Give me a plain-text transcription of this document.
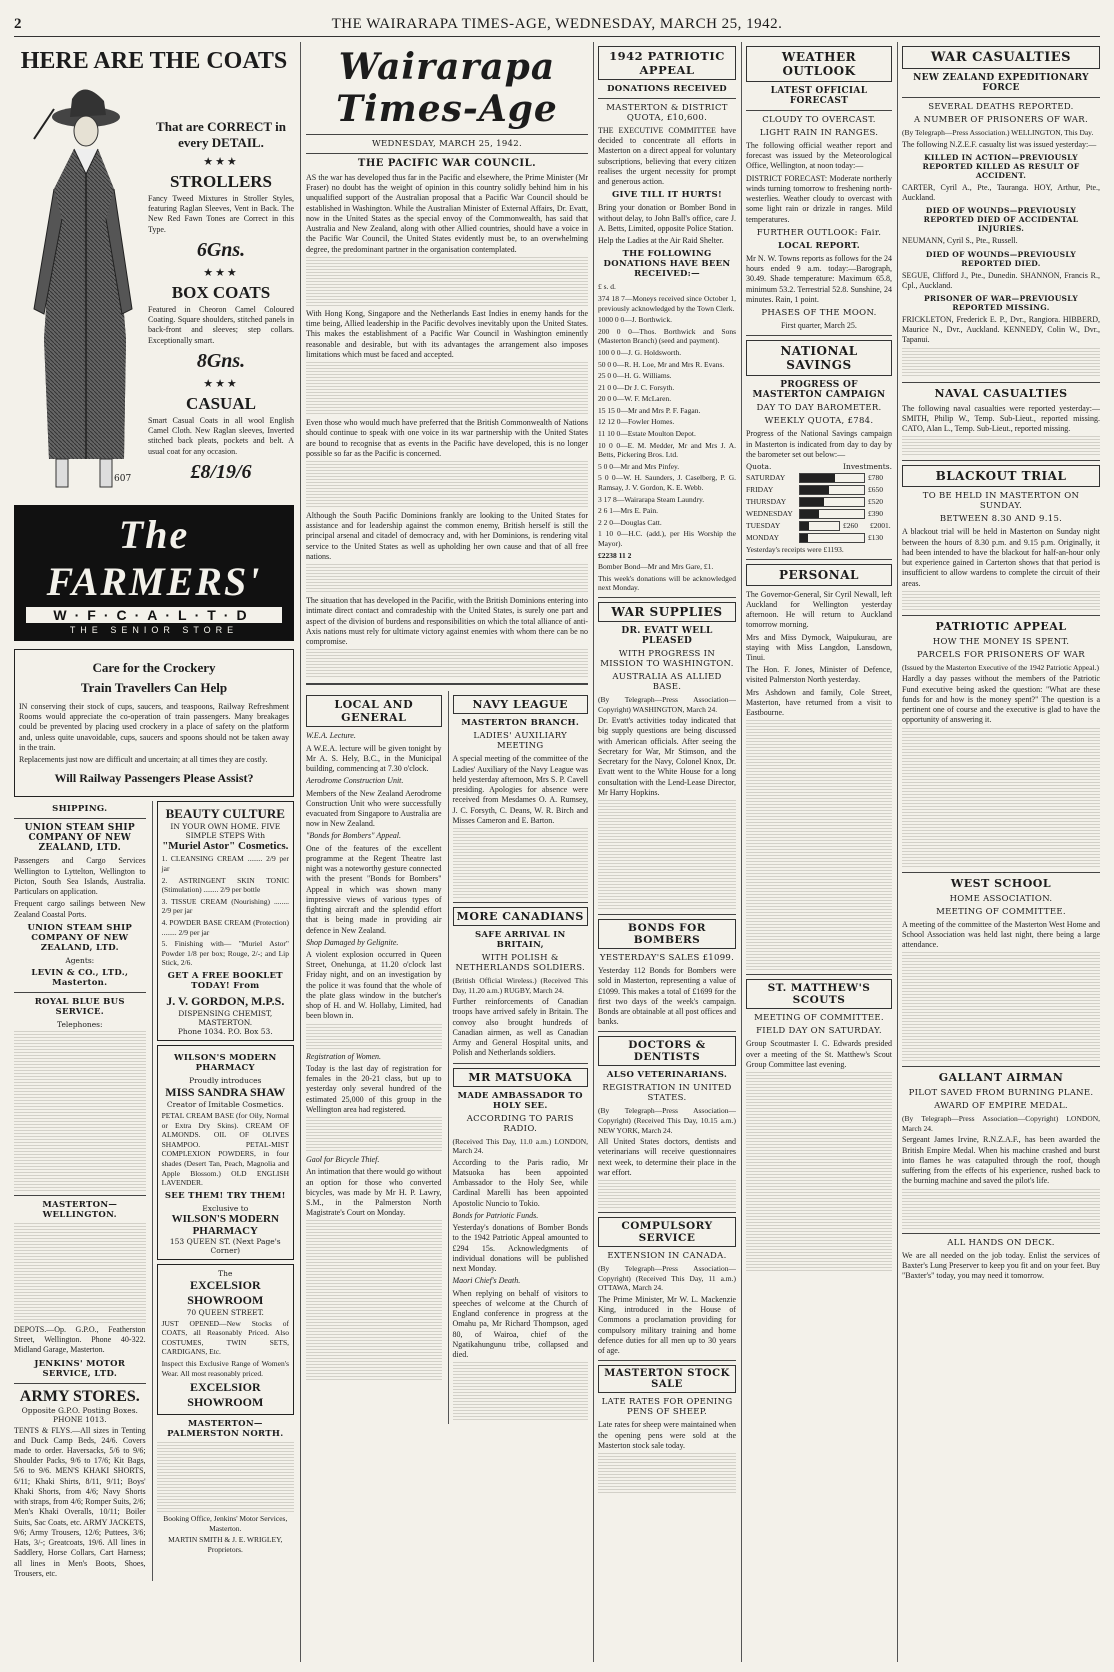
2	THE WAIRARAPA TIMES-AGE, WEDNESDAY, MARCH 25, 1942.
HERE ARE THE COATS
607
That are CORRECT in every DETAIL.
★★★
STROLLERS
Fancy Tweed Mixtures in Stroller Styles, featuring Raglan Sleeves, Vent in Back. The New Red Fawn Tones are Correct in this Type.
6Gns.
★★★
BOX COATS
Featured in Cheoron Camel Coloured Coating. Square shoulders, stitched panels in back-front and sleeves; step collars. Exceptionally smart.
8Gns.
★★★
CASUAL
Smart Casual Coats in all wool English Camel Cloth. New Raglan sleeves, Inverted stitched back pleats, pockets and belt. A usual coat for any occasion.
£8/19/6
The FARMERS'
W·F·C·A·L·T·D
THE SENIOR STORE
Care for the Crockery
Train Travellers Can Help
IN conserving their stock of cups, saucers, and teaspoons, Railway Refreshment Rooms would appreciate the co-operation of train passengers. Many breakages could be prevented by placing used crockery in a place of safety on the platform and, unless quite unavoidable, cups, saucers and spoons should not be taken away in the train.
Replacements just now are difficult and uncertain; at all times they are costly.
Will Railway Passengers Please Assist?
SHIPPING.
UNION STEAM SHIP COMPANY OF NEW ZEALAND, LTD.
Passengers and Cargo Services Wellington to Lyttelton, Wellington to Picton, South Sea Islands, Australia. Particulars on application.
Frequent cargo sailings between New Zealand Coastal Ports.
UNION STEAM SHIP COMPANY OF NEW ZEALAND, LTD.
Agents:
LEVIN & CO., LTD., Masterton.
ROYAL BLUE BUS SERVICE.
Telephones:
MASTERTON—WELLINGTON.
DEPOTS.—Op. G.P.O., Featherston Street, Wellington. Phone 40-322. Midland Garage, Masterton.
JENKINS' MOTOR SERVICE, LTD.
ARMY STORES.
Opposite G.P.O. Posting Boxes. PHONE 1013.
TENTS & FLYS.—All sizes in Tenting and Duck Camp Beds, 24/6. Covers made to order. Haversacks, 5/6 to 9/6; Shoulder Packs, 9/6 to 17/6; Kit Bags, 5/6 to 9/6. MEN'S KHAKI SHORTS, 6/11; Khaki Shirts, 8/11, 9/11; Boys' Khaki Shorts, from 4/6; Navy Shorts with straps, from 4/6; Romper Suits, 2/6; Men's Khaki Overalls, 10/11; Boiler Suits, Sac Coats, etc. ARMY JACKETS, 9/6; Army Trousers, 12/6; Puttees, 3/6; Hats, 3/-; Greatcoats, 19/6. All lines in Saddlery, Horse Collars, Cart Harness; all lines in Men's Boots, Shoes, Trousers, etc.
BEAUTY CULTURE
IN YOUR OWN HOME. FIVE SIMPLE STEPS With
"Muriel Astor" Cosmetics.
1. CLEANSING CREAM ........ 2/9 per jar
2. ASTRINGENT SKIN TONIC (Stimulation) ........ 2/9 per bottle
3. TISSUE CREAM (Nourishing) ........ 2/9 per jar
4. POWDER BASE CREAM (Protection) ........ 2/9 per jar
5. Finishing with— "Muriel Astor" Powder 1/8 per box; Rouge, 2/-; and Lip Stick, 2/6.
GET A FREE BOOKLET TODAY! From
J. V. GORDON, M.P.S.
DISPENSING CHEMIST, MASTERTON.
Phone 1034. P.O. Box 53.
WILSON'S MODERN PHARMACY
Proudly introduces
MISS SANDRA SHAW
Creator of Imitable Cosmetics.
PETAL CREAM BASE (for Oily, Normal or Extra Dry Skins). CREAM OF ALMONDS. OIL OF OLIVES SHAMPOO. PETAL-MIST COMPLEXION POWDERS, in four shades (Desert Tan, Peach, Magnolia and Apple Blossom.) OLD ENGLISH LAVENDER.
SEE THEM! TRY THEM!
Exclusive to
WILSON'S MODERN PHARMACY
153 QUEEN ST. (Next Page's Corner)
The
EXCELSIOR SHOWROOM
70 QUEEN STREET.
JUST OPENED—New Stocks of COATS, all Reasonably Priced. Also COSTUMES, TWIN SETS, CARDIGANS, Etc.
Inspect this Exclusive Range of Women's Wear. All most reasonably priced.
EXCELSIOR SHOWROOM
MASTERTON—PALMERSTON NORTH.
Booking Office, Jenkins' Motor Services, Masterton.
MARTIN SMITH & J. E. WRIGLEY, Proprietors.
Wairarapa Times-Age
WEDNESDAY, MARCH 25, 1942.
THE PACIFIC WAR COUNCIL.
AS the war has developed thus far in the Pacific and elsewhere, the Prime Minister (Mr Fraser) no doubt has the weight of opinion in this country solidly behind him in his unqualified support of the Australian proposal that a Pacific War Council should be established in Washington. While the Australian Minister of External Affairs, Dr. Evatt, now in the United States as the special envoy of the Commonwealth, has said that Australia and New Zealand, along with other Allied countries, should have a voice in the Pacific War Council, the United States evidently must be, to an overwhelming degree, the predominant partner in the organisation contemplated.
With Hong Kong, Singapore and the Netherlands East Indies in enemy hands for the time being, Allied leadership in the Pacific devolves inevitably upon the United States. This makes the establishment of a Pacific War Council in Washington eminently reasonable and desirable, but with its advantages the arrangement also imposes limitations which must be faced and accepted.
Even those who would much have preferred that the British Commonwealth of Nations should continue to speak with one voice in its war partnership with the United States are bound to recognise that as events in the Pacific have developed, this is no longer possible so far as the Pacific is concerned.
Although the South Pacific Dominions frankly are looking to the United States for assistance and for leadership against the common enemy, British herself is still the principal arsenal and citadel of democracy and, with her Dominions, is rendering vital service to the United States as well as upholding her own cause and that of all free nations.
The situation that has developed in the Pacific, with the British Dominions entering into intimate direct contact and comradeship with the United States, is surely one part and aspect of the division of burdens and responsibilities on which the total alliance of anti-Axis nations must rely for ultimate victory against enemies with whom there can be no compromise.
LOCAL AND GENERAL
W.E.A. Lecture.
A W.E.A. lecture will be given tonight by Mr A. S. Hely, B.C., in the Municipal building, commencing at 7.30 o'clock.
Aerodrome Construction Unit.
Members of the New Zealand Aerodrome Construction Unit who were successfully evacuated from Singapore to Australia are now in New Zealand.
"Bonds for Bombers" Appeal.
One of the features of the excellent programme at the Regent Theatre last night was a noteworthy gesture connected with the present "Bonds for Bombers" Appeal in which was shown many impressive views of various types of fighting aircraft and the splendid effort that is being made in providing air defence in New Zealand.
Shop Damaged by Gelignite.
A violent explosion occurred in Queen Street, Onehunga, at 11.20 o'clock last Friday night, and on an investigation by the police it was found that the whole of the plate glass window in the butcher's shop of H. and W. Hollaby, Limited, had been blown in.
Registration of Women.
Today is the last day of registration for females in the 20-21 class, but up to yesterday only several hundred of the estimated 25,000 of this group in the Wellington area had registered.
Gaol for Bicycle Thief.
An intimation that there would go without an option for those who converted bicycles, was made by Mr H. P. Lawry, S.M., in the Palmerston North Magistrate's Court on Monday.
NAVY LEAGUE
MASTERTON BRANCH.
LADIES' AUXILIARY MEETING
A special meeting of the committee of the Ladies' Auxiliary of the Navy League was held yesterday afternoon, Mrs S. P. Cavell presiding. Apologies for absence were received from Mesdames O. A. Rumsey, J. C. Forsyth, C. Deans, W. R. Birch and Misses Cameron and E. Barton.
MORE CANADIANS
SAFE ARRIVAL IN BRITAIN,
WITH POLISH & NETHERLANDS SOLDIERS.
(British Official Wireless.) (Received This Day, 11.20 a.m.) RUGBY, March 24.
Further reinforcements of Canadian troops have arrived safely in Britain. The convoy also brought hundreds of Canadian airmen, as well as Canadian Army and General Hospital units, and Polish and Netherlands soldiers.
MR MATSUOKA
MADE AMBASSADOR TO HOLY SEE.
ACCORDING TO PARIS RADIO.
(Received This Day, 11.0 a.m.) LONDON, March 24.
According to the Paris radio, Mr Matsuoka has been appointed Ambassador to the Holy See, while Cardinal Marelli has been appointed Apostolic Nuncio to Tokio.
Bonds for Patriotic Funds.
Yesterday's donations of Bomber Bonds to the 1942 Patriotic Appeal amounted to £294 15s. Acknowledgments of individual donations will be published next Monday.
Maori Chief's Death.
When replying on behalf of visitors to speeches of welcome at the Church of England conference in progress at the Omahu pa, Mr Richard Thompson, aged 80, of Wairoa, chief of the Ngatikahungunu tribe, collapsed and died.
1942 PATRIOTIC APPEAL
DONATIONS RECEIVED
MASTERTON & DISTRICT QUOTA, £10,600.
THE EXECUTIVE COMMITTEE have decided to concentrate all efforts in Masterton on a direct appeal for voluntary subscriptions, believing that every citizen realises the urgent necessity for prompt and generous action.
GIVE TILL IT HURTS!
Bring your donation or Bomber Bond in without delay, to John Ball's office, care J. A. Betts, Limited, opposite Police Station.
Help the Ladies at the Air Raid Shelter.
THE FOLLOWING DONATIONS HAVE BEEN RECEIVED:—
£ s. d.
374 18 7—Moneys received since October 1, previously acknowledged by the Town Clerk.
1000 0 0—J. Borthwick.
200 0 0—Thos. Borthwick and Sons (Masterton Branch) (seed and payment).
100 0 0—J. G. Holdsworth.
50 0 0—R. H. Loe, Mr and Mrs R. Evans.
25 0 0—H. G. Williams.
21 0 0—Dr J. C. Forsyth.
20 0 0—W. F. McLaren.
15 15 0—Mr and Mrs P. F. Fagan.
12 12 0—Fowler Homes.
11 10 0—Estate Moulton Depot.
10 0 0—E. M. Medder, Mr and Mrs J. A. Betts, Pickering Bros. Ltd.
5 0 0—Mr and Mrs Pinfey.
5 0 0—W. H. Saunders, J. Caselberg, P. G. Ramsay, J. V. Gordon, K. E. Webb.
3 17 8—Wairarapa Steam Laundry.
2 6 1—Mrs E. Pain.
2 2 0—Douglas Catt.
1 10 0—H.C. (add.), per His Worship the Mayor).
£2238 11 2
Bomber Bond—Mr and Mrs Gare, £1.
This week's donations will be acknowledged next Monday.
WAR SUPPLIES
DR. EVATT WELL PLEASED
WITH PROGRESS IN MISSION TO WASHINGTON.
AUSTRALIA AS ALLIED BASE.
(By Telegraph—Press Association—Copyright) WASHINGTON, March 24.
Dr. Evatt's activities today indicated that big supply questions are being discussed with American officials. After seeing the Secretary for War, Mr Stimson, and the Secretary for the Navy, Colonel Knox, Dr. Evatt went to the White House for a long consultation with the Lend-Lease Director, Mr Harry Hopkins.
BONDS FOR BOMBERS
YESTERDAY'S SALES £1099.
Yesterday 112 Bonds for Bombers were sold in Masterton, representing a value of £1099. This makes a total of £1699 for the first two days of the week's campaign. Bonds are obtainable at all post offices and banks.
DOCTORS & DENTISTS
ALSO VETERINARIANS.
REGISTRATION IN UNITED STATES.
(By Telegraph—Press Association—Copyright) (Received This Day, 10.15 a.m.) NEW YORK, March 24.
All United States doctors, dentists and veterinarians will receive questionnaires next week, to determine their place in the war effort.
COMPULSORY SERVICE
EXTENSION IN CANADA.
(By Telegraph—Press Association—Copyright) (Received This Day, 11 a.m.) OTTAWA, March 24.
The Prime Minister, Mr W. L. Mackenzie King, introduced in the House of Commons a proclamation providing for compulsory military training and home defence duties for all men up to 30 years of age.
MASTERTON STOCK SALE
LATE RATES FOR OPENING PENS OF SHEEP.
Late rates for sheep were maintained when the opening pens were sold at the Masterton stock sale today.
WEATHER OUTLOOK
LATEST OFFICIAL FORECAST
CLOUDY TO OVERCAST.
LIGHT RAIN IN RANGES.
The following official weather report and forecast was issued by the Meteorological Office, Wellington, at noon today:—
DISTRICT FORECAST: Moderate northerly winds turning tomorrow to freshening north-westerlies. Weather cloudy to overcast with some light rain or drizzle in ranges. Mild temperatures.
FURTHER OUTLOOK: Fair.
LOCAL REPORT.
Mr N. W. Towns reports as follows for the 24 hours ended 9 a.m. today:—Barograph, 30.49. Shade temperature: Maximum 65.8, minimum 53.2. Terrestrial 52.8. Sunshine, 24 minutes. Rain, 1 point.
PHASES OF THE MOON.
First quarter, March 25.
NATIONAL SAVINGS
PROGRESS OF MASTERTON CAMPAIGN
DAY TO DAY BAROMETER.
WEEKLY QUOTA, £784.
Progress of the National Savings campaign in Masterton is indicated from day to day by the barometer set out below:—
Quota.	Investments.
SATURDAY	£780
FRIDAY	£650
THURSDAY	£520
WEDNESDAY	£390
TUESDAY	£260	£2001.
MONDAY	£130
Yesterday's receipts were £1193.
PERSONAL
The Governor-General, Sir Cyril Newall, left Auckland for Wellington yesterday afternoon. He will return to Auckland tomorrow morning.
Mrs and Miss Dymock, Waipukurau, are staying with Miss Langdon, Lansdown, Tinui.
The Hon. F. Jones, Minister of Defence, visited Palmerston North yesterday.
Mrs Ashdown and family, Cole Street, Masterton, have returned from a visit to Eastbourne.
ST. MATTHEW'S SCOUTS
MEETING OF COMMITTEE.
FIELD DAY ON SATURDAY.
Group Scoutmaster I. C. Edwards presided over a meeting of the St. Matthew's Scout Group Committee last evening.
WAR CASUALTIES
NEW ZEALAND EXPEDITIONARY FORCE
SEVERAL DEATHS REPORTED.
A NUMBER OF PRISONERS OF WAR.
(By Telegraph—Press Association.) WELLINGTON, This Day.
The following N.Z.E.F. casualty list was issued yesterday:—
KILLED IN ACTION—PREVIOUSLY REPORTED KILLED AS RESULT OF ACCIDENT.
CARTER, Cyril A., Pte., Tauranga. HOY, Arthur, Pte., Auckland.
DIED OF WOUNDS—PREVIOUSLY REPORTED DIED OF ACCIDENTAL INJURIES.
NEUMANN, Cyril S., Pte., Russell.
DIED OF WOUNDS—PREVIOUSLY REPORTED DIED.
SEGUE, Clifford J., Pte., Dunedin. SHANNON, Francis R., Cpl., Auckland.
PRISONER OF WAR—PREVIOUSLY REPORTED MISSING.
FRICKLETON, Frederick E. P., Dvr., Rangiora. HIBBERD, Maurice N., Dvr., Auckland. KENNEDY, Colin W., Dvr., Tapanui.
NAVAL CASUALTIES
The following naval casualties were reported yesterday:—SMITH, Philip W., Temp. Sub-Lieut., reported missing. CATO, Alan L., Temp. Sub-Lieut., reported missing.
BLACKOUT TRIAL
TO BE HELD IN MASTERTON ON SUNDAY.
BETWEEN 8.30 AND 9.15.
A blackout trial will be held in Masterton on Sunday night between the hours of 8.30 p.m. and 9.15 p.m. Originally, it had been intended to have the blackout for half-an-hour only but experience gained in Carterton shows that that period is insufficient to allow wardens to complete the circuit of their areas.
PATRIOTIC APPEAL
HOW THE MONEY IS SPENT.
PARCELS FOR PRISONERS OF WAR
(Issued by the Masterton Executive of the 1942 Patriotic Appeal.)
Hardly a day passes without the members of the Patriotic Fund executive being asked the question: "What are these funds for and how is the money spent?" The question is a pertinent one of course and the executive is glad to have the opportunity of answering it.
WEST SCHOOL
HOME ASSOCIATION.
MEETING OF COMMITTEE.
A meeting of the committee of the Masterton West Home and School Association was held last night, there being a large attendance.
GALLANT AIRMAN
PILOT SAVED FROM BURNING PLANE.
AWARD OF EMPIRE MEDAL.
(By Telegraph—Press Association—Copyright) LONDON, March 24.
Sergeant James Irvine, R.N.Z.A.F., has been awarded the British Empire Medal. When his machine crashed and burst into flames he was catapulted through the roof, though suffering from the effects of his experience, rushed back to the burning machine and saved the pilot's life.
ALL HANDS ON DECK.
We are all needed on the job today. Enlist the services of Baxter's Lung Preserver to keep you fit and on your feet. Buy "Baxter's" today, you may need it tomorrow.
